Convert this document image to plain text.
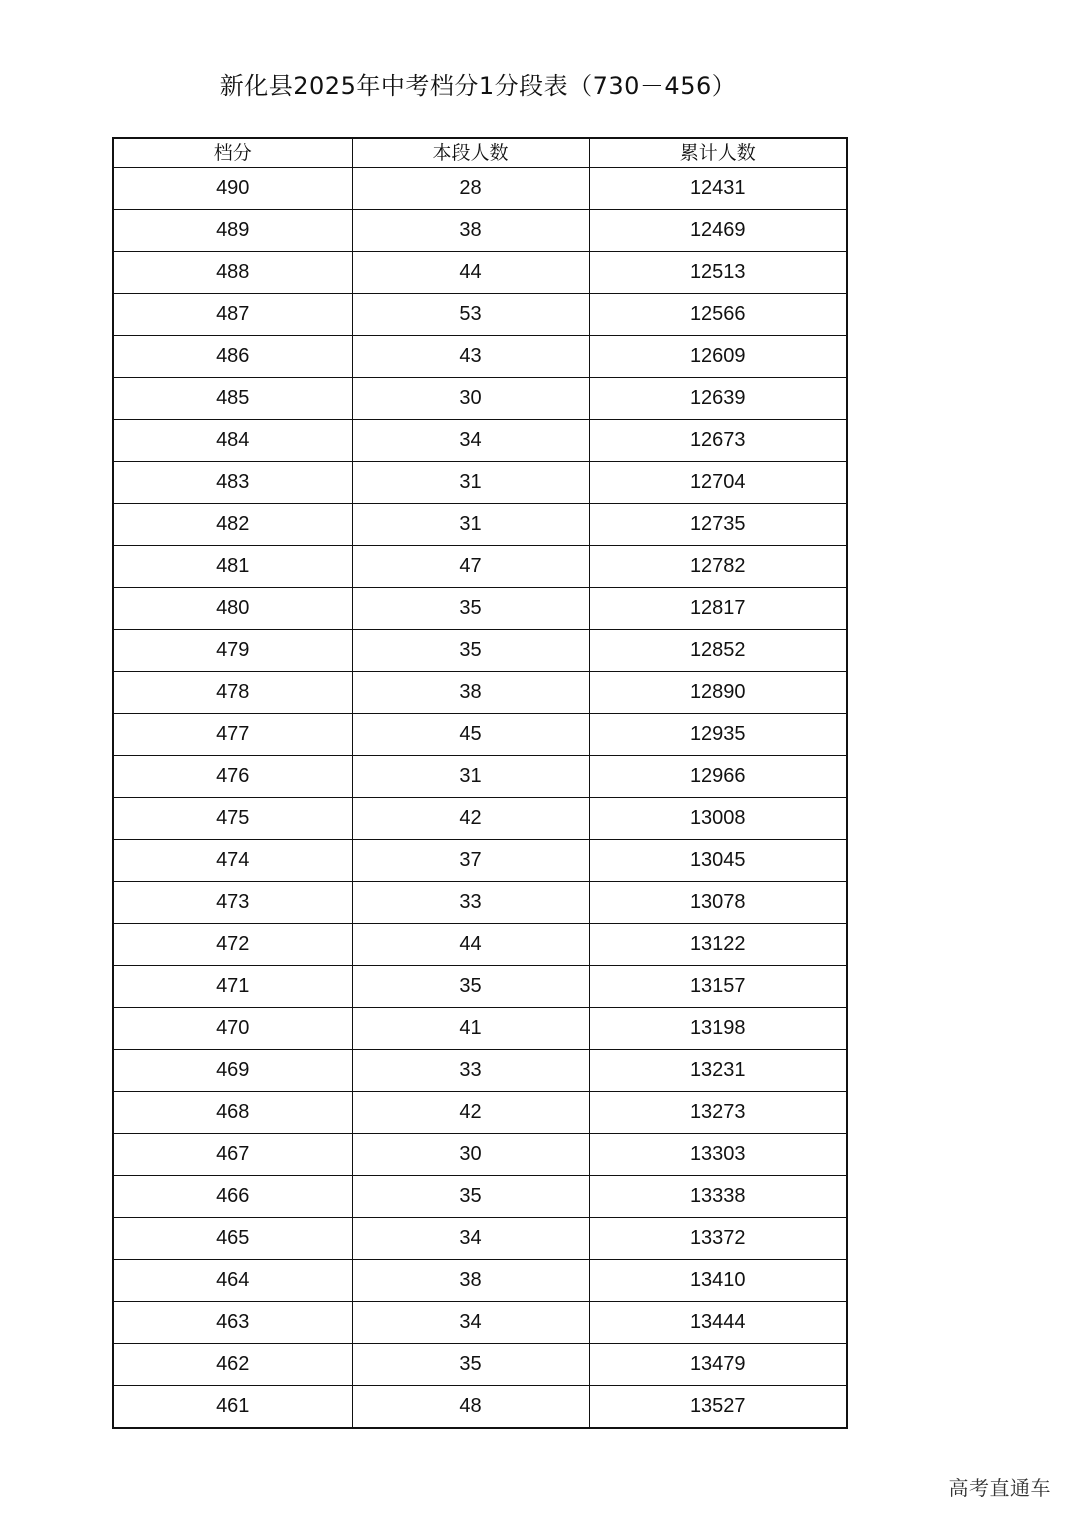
新化县2025年中考档分1分段表（730－456）
档分	本段人数	累计人数
490	28	12431
489	38	12469
488	44	12513
487	53	12566
486	43	12609
485	30	12639
484	34	12673
483	31	12704
482	31	12735
481	47	12782
480	35	12817
479	35	12852
478	38	12890
477	45	12935
476	31	12966
475	42	13008
474	37	13045
473	33	13078
472	44	13122
471	35	13157
470	41	13198
469	33	13231
468	42	13273
467	30	13303
466	35	13338
465	34	13372
464	38	13410
463	34	13444
462	35	13479
461	48	13527
高考直通车
